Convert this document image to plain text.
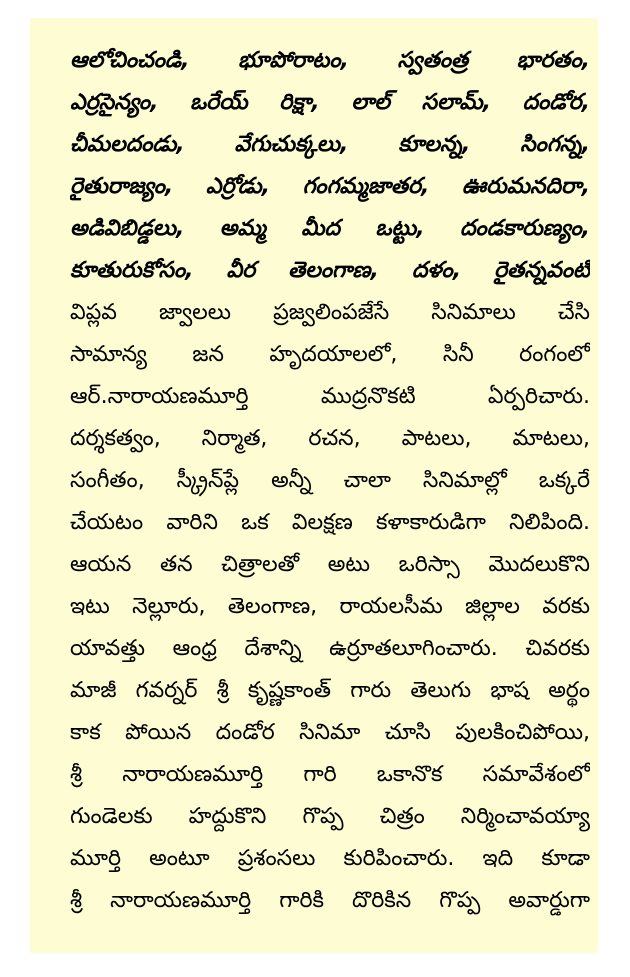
ఆలోచించండి, భూపోరాటం, స్వతంత్ర భారతం,
ఎర్రసైన్యం, ఒరేయ్ రిక్షా, లాల్ సలామ్, దండోర,
చీమలదండు, వేగుచుక్కలు, కూలన్న, సింగన్న,
రైతురాజ్యం, ఎర్రోడు, గంగమ్మజాతర, ఊరుమనదిరా,
అడివిబిడ్డలు, అమ్మ మీద ఒట్టు, దండకారుణ్యం,
కూతురుకోసం, వీర తెలంగాణ, దళం, రైతన్నవంటి
విప్లవ జ్వాలలు ప్రజ్వలింపజేసే సినిమాలు చేసి
సామాన్య జన హృదయాలలో, సినీ రంగంలో
ఆర్.నారాయణమూర్తి ముద్రనొకటి ఏర్పరిచారు.
దర్శకత్వం, నిర్మాత, రచన, పాటలు, మాటలు,
సంగీతం, స్క్రీన్‌ప్లే అన్నీ చాలా సినిమాల్లో ఒక్కరే
చేయటం వారిని ఒక విలక్షణ కళాకారుడిగా నిలిపింది.
ఆయన తన చిత్రాలతో అటు ఒరిస్సా మొదలుకొని
ఇటు నెల్లూరు, తెలంగాణ, రాయలసీమ జిల్లాల వరకు
యావత్తు ఆంధ్ర దేశాన్ని ఉర్రూతలూగించారు. చివరకు
మాజీ గవర్నర్ శ్రీ కృష్ణకాంత్ గారు తెలుగు భాష అర్థం
కాక పోయిన దండోర సినిమా చూసి పులకించిపోయి,
శ్రీ నారాయణమూర్తి గారి ఒకానొక సమావేశంలో
గుండెలకు హద్దుకొని గొప్ప చిత్రం నిర్మించావయ్యా
మూర్తి అంటూ ప్రశంసలు కురిపించారు. ఇది కూడా
శ్రీ నారాయణమూర్తి గారికి దొరికిన గొప్ప అవార్డుగా
